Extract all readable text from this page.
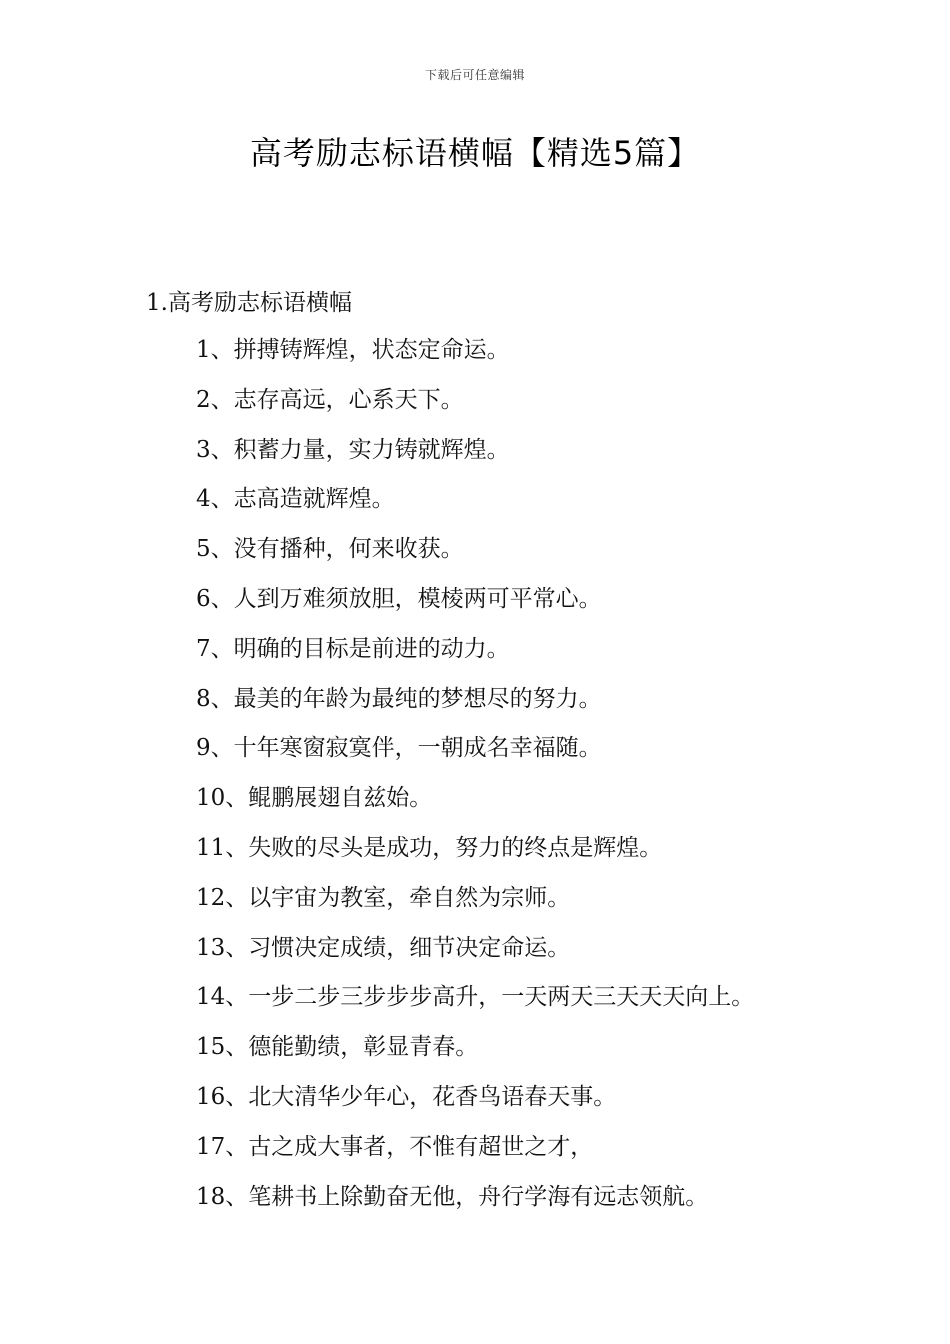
下载后可任意编辑
高考励志标语横幅【精选5篇】
1.高考励志标语横幅
1、拼搏铸辉煌，状态定命运。
2、志存高远，心系天下。
3、积蓄力量，实力铸就辉煌。
4、志高造就辉煌。
5、没有播种，何来收获。
6、人到万难须放胆，模棱两可平常心。
7、明确的目标是前进的动力。
8、最美的年龄为最纯的梦想尽的努力。
9、十年寒窗寂寞伴，一朝成名幸福随。
10、鲲鹏展翅自兹始。
11、失败的尽头是成功，努力的终点是辉煌。
12、以宇宙为教室，牵自然为宗师。
13、习惯决定成绩，细节决定命运。
14、一步二步三步步步高升，一天两天三天天天向上。
15、德能勤绩，彰显青春。
16、北大清华少年心，花香鸟语春天事。
17、古之成大事者，不惟有超世之才，
18、笔耕书上除勤奋无他，舟行学海有远志领航。
